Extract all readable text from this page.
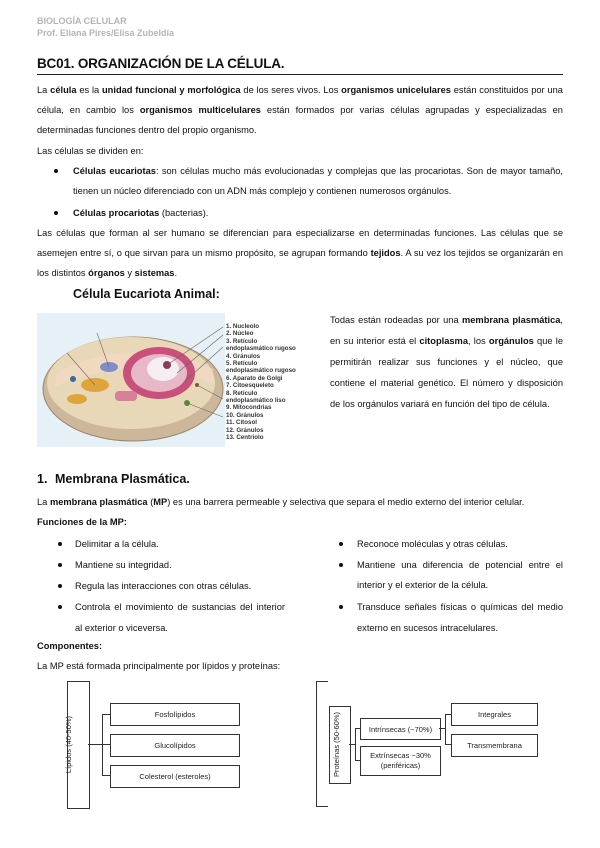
BIOLOGÍA CELULAR
Prof. Eliana Pires/Elisa Zubeldía
BC01. ORGANIZACIÓN DE LA CÉLULA.
La célula es la unidad funcional y morfológica de los seres vivos. Los organismos unicelulares están constituidos por una célula, en cambio los organismos multicelulares están formados por varias células agrupadas y especializadas en determinadas funciones dentro del propio organismo.
Las células se dividen en:
Células eucariotas: son células mucho más evolucionadas y complejas que las procariotas. Son de mayor tamaño, tienen un núcleo diferenciado con un ADN más complejo y contienen numerosos orgánulos.
Células procariotas (bacterias).
Las células que forman al ser humano se diferencian para especializarse en determinadas funciones. Las células que se asemejen entre sí, o que sirvan para un mismo propósito, se agrupan formando tejidos. A su vez los tejidos se organizarán en los distintos órganos y sistemas.
Célula Eucariota Animal:
1. Nucleolo
2. Núcleo
3. Retículo
endoplasmático rugoso
4. Gránulos
5. Retículo
endoplasmático rugoso
6. Aparato de Golgi
7. Citoesqueleto
8. Retículo
endoplasmático liso
9. Mitocondrias
10. Gránulos
11. Citosol
12. Gránulos
13. Centriolo
Todas están rodeadas por una membrana plasmática, en su interior está el citoplasma, los orgánulos que le permitirán realizar sus funciones y el núcleo, que contiene el material genético. El número y disposición de los orgánulos variará en función del tipo de célula.
1. Membrana Plasmática.
La membrana plasmática (MP) es una barrera permeable y selectiva que separa el medio externo del interior celular.
Funciones de la MP:
Delimitar a la célula.
Mantiene su integridad.
Regula las interacciones con otras células.
Controla el movimiento de sustancias del interior al exterior o viceversa.
Reconoce moléculas y otras células.
Mantiene una diferencia de potencial entre el interior y el exterior de la célula.
Transduce señales físicas o químicas del medio externo en sucesos intracelulares.
Componentes:
La MP está formada principalmente por lípidos y proteínas:
Lípidos (40-50%)
Fosfolípidos
Glucolípidos
Colesterol (esteroles)	Proteínas (50-60%)	Intrínsecas (~70%)
Extrínsecas ~30% (periféricas)
Integrales
Transmembrana
